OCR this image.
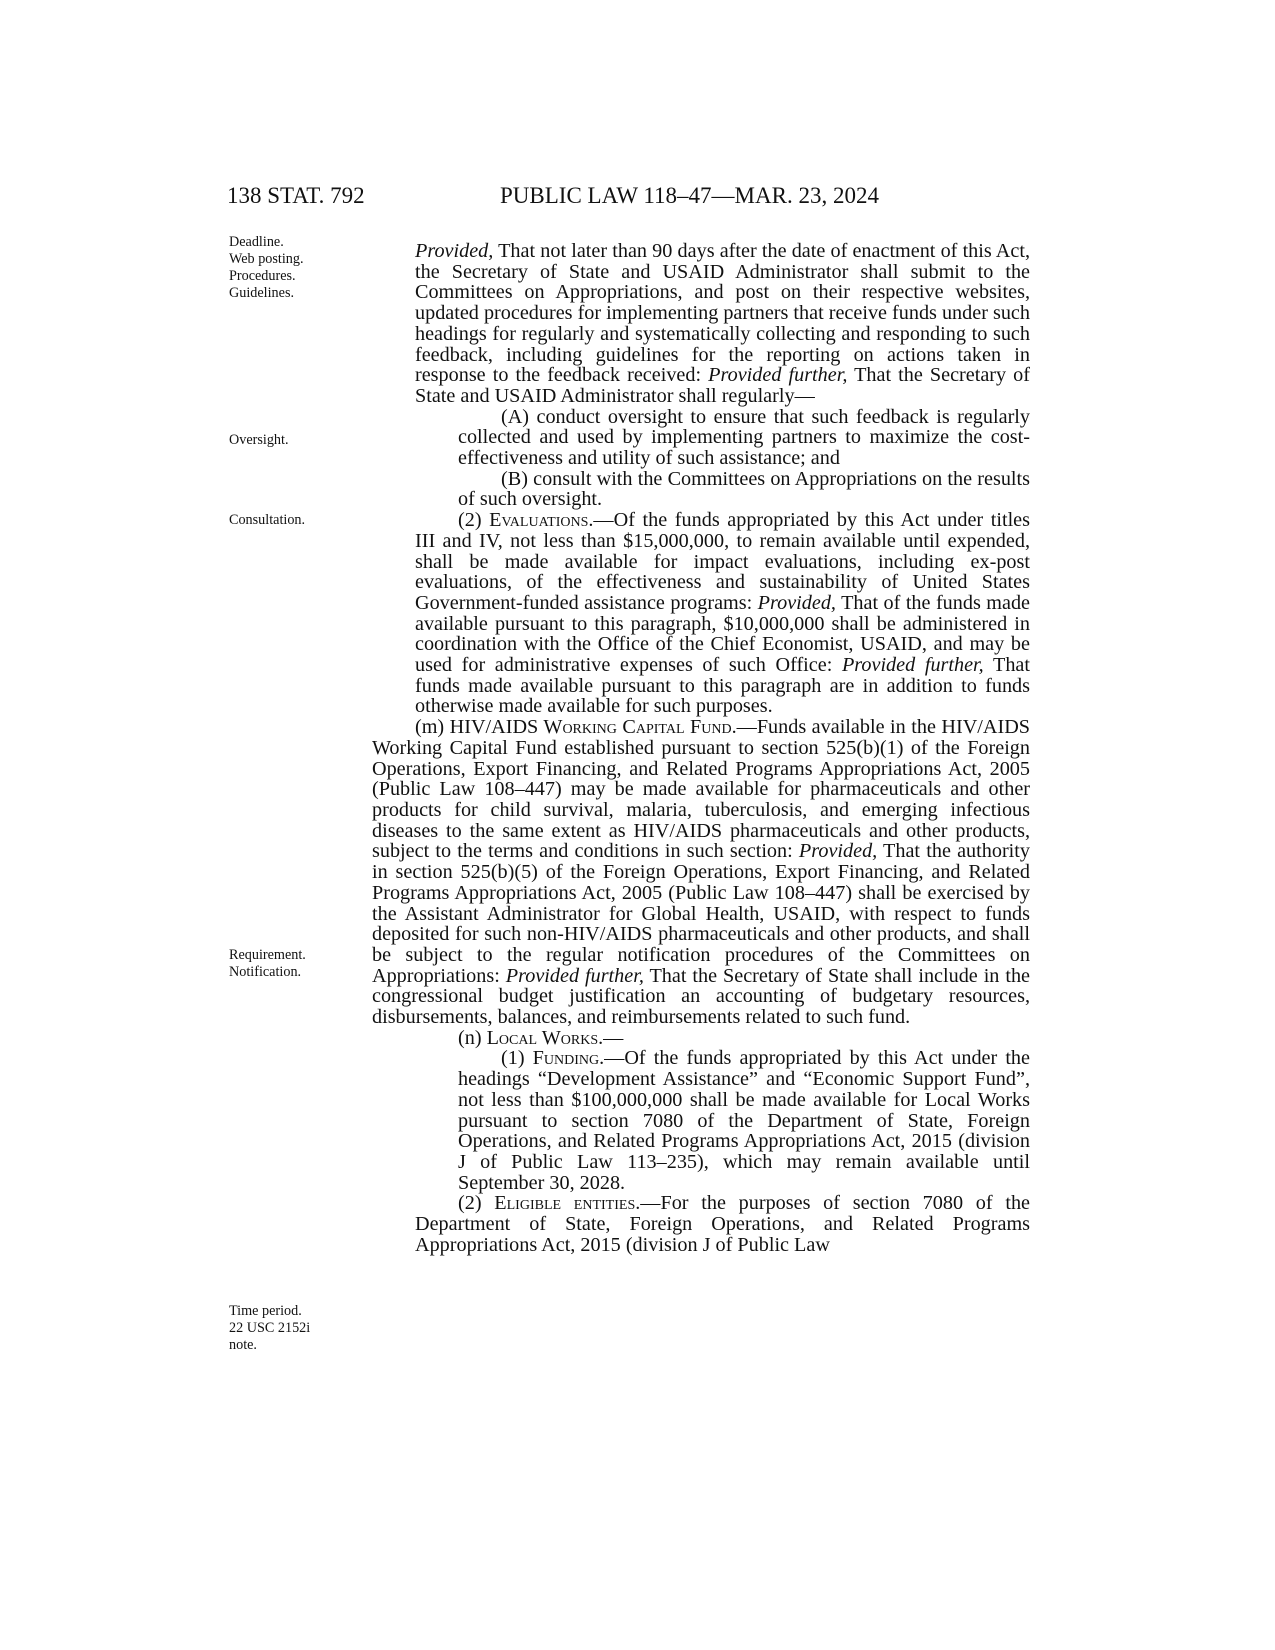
138 STAT. 792	PUBLIC LAW 118–47—MAR. 23, 2024
Deadline.
Web posting.
Procedures.
Guidelines.
Oversight.
Consultation.
Requirement.
Notification.
Time period.
22 USC 2152i
note.

Provided, That not later than 90 days after the date of enactment of this Act, the Secretary of State and USAID Administrator shall submit to the Committees on Appropriations, and post on their respective websites, updated procedures for implementing partners that receive funds under such headings for regularly and systematically collecting and responding to such feedback, including guidelines for the reporting on actions taken in response to the feedback received: Provided further, That the Secretary of State and USAID Administrator shall regularly—

(A) conduct oversight to ensure that such feedback is regularly collected and used by implementing partners to maximize the cost-effectiveness and utility of such assistance; and

(B) consult with the Committees on Appropriations on the results of such oversight.

(2) Evaluations.—Of the funds appropriated by this Act under titles III and IV, not less than $15,000,000, to remain available until expended, shall be made available for impact evaluations, including ex-post evaluations, of the effectiveness and sustainability of United States Government-funded assistance programs: Provided, That of the funds made available pursuant to this paragraph, $10,000,000 shall be administered in coordination with the Office of the Chief Economist, USAID, and may be used for administrative expenses of such Office: Provided further, That funds made available pursuant to this paragraph are in addition to funds otherwise made available for such purposes.

(m) HIV/AIDS Working Capital Fund.—Funds available in the HIV/AIDS Working Capital Fund established pursuant to section 525(b)(1) of the Foreign Operations, Export Financing, and Related Programs Appropriations Act, 2005 (Public Law 108–447) may be made available for pharmaceuticals and other products for child survival, malaria, tuberculosis, and emerging infectious diseases to the same extent as HIV/AIDS pharmaceuticals and other products, subject to the terms and conditions in such section: Provided, That the authority in section 525(b)(5) of the Foreign Operations, Export Financing, and Related Programs Appropriations Act, 2005 (Public Law 108–447) shall be exercised by the Assistant Administrator for Global Health, USAID, with respect to funds deposited for such non-HIV/AIDS pharmaceuticals and other products, and shall be subject to the regular notification procedures of the Committees on Appropriations: Provided further, That the Secretary of State shall include in the congressional budget justification an accounting of budgetary resources, disbursements, balances, and reimbursements related to such fund.

(n) Local Works.—

(1) Funding.—Of the funds appropriated by this Act under the headings “Development Assistance” and “Economic Support Fund”, not less than $100,000,000 shall be made available for Local Works pursuant to section 7080 of the Department of State, Foreign Operations, and Related Programs Appropriations Act, 2015 (division J of Public Law 113–235), which may remain available until September 30, 2028.

(2) Eligible entities.—For the purposes of section 7080 of the Department of State, Foreign Operations, and Related Programs Appropriations Act, 2015 (division J of Public Law
